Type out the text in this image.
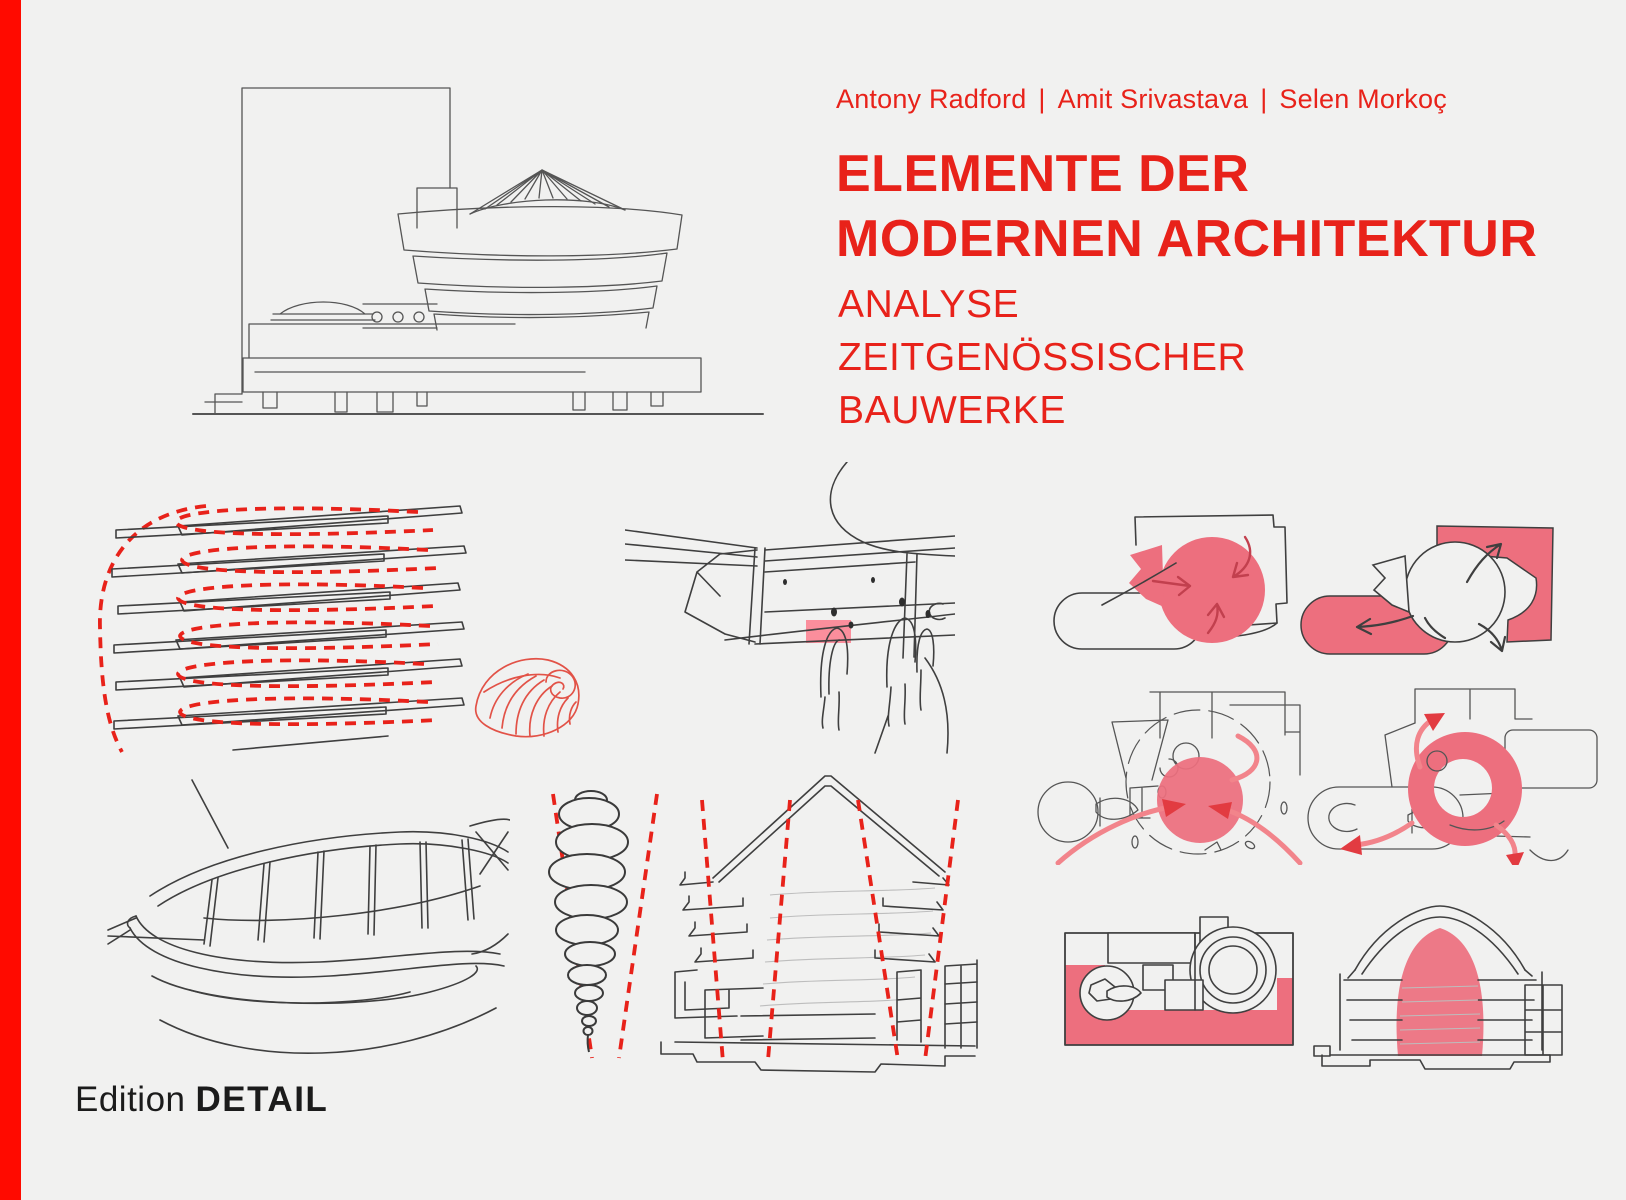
Antony Radford | Amit Srivastava | Selen Morkoç
ELEMENTE DER
MODERNEN ARCHITEKTUR
ANALYSE
ZEITGENÖSSISCHER
BAUWERKE
Edition DETAIL
